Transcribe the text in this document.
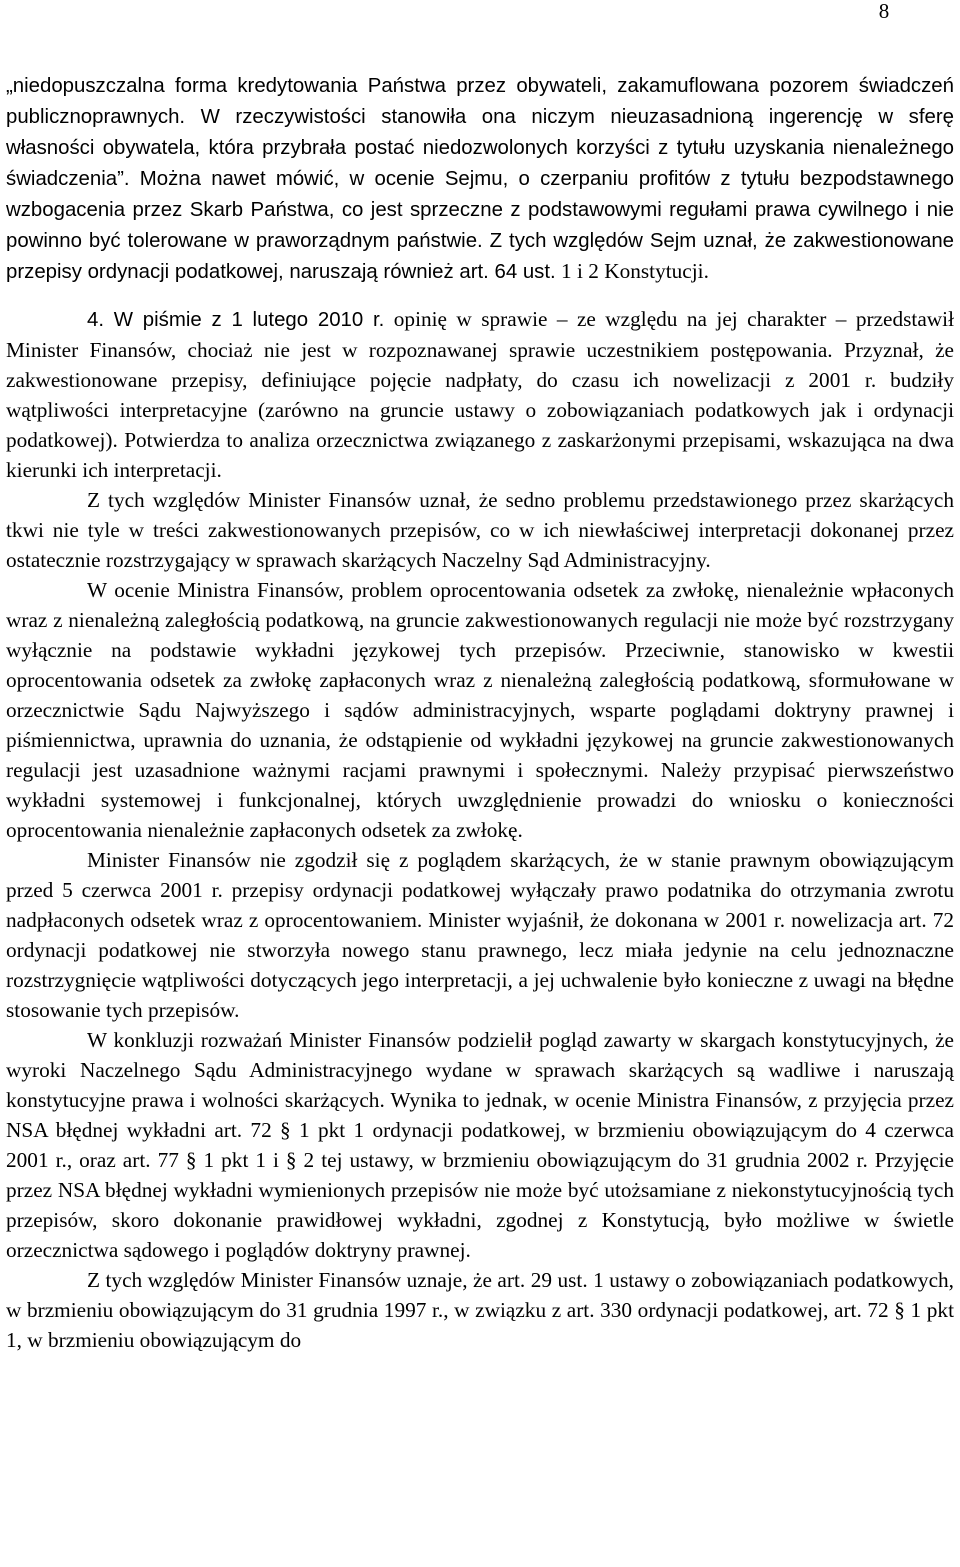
8

„niedopuszczalna forma kredytowania Państwa przez obywateli, zakamuflowana pozorem świadczeń publicznoprawnych. W rzeczywistości stanowiła ona niczym nieuzasadnioną ingerencję w sferę własności obywatela, która przybrała postać niedozwolonych korzyści z tytułu uzyskania nienależnego świadczenia”. Można nawet mówić, w ocenie Sejmu, o czerpaniu profitów z tytułu bezpodstawnego wzbogacenia przez Skarb Państwa, co jest sprzeczne z podstawowymi regułami prawa cywilnego i nie powinno być tolerowane w praworządnym państwie. Z tych względów Sejm uznał, że zakwestionowane przepisy ordynacji podatkowej, naruszają również art. 64 ust. 1 i 2 Konstytucji.

4. W piśmie z 1 lutego 2010 r. opinię w sprawie – ze względu na jej charakter – przedstawił Minister Finansów, chociaż nie jest w rozpoznawanej sprawie uczestnikiem postępowania. Przyznał, że zakwestionowane przepisy, definiujące pojęcie nadpłaty, do czasu ich nowelizacji z 2001 r. budziły wątpliwości interpretacyjne (zarówno na gruncie ustawy o zobowiązaniach podatkowych jak i ordynacji podatkowej). Potwierdza to analiza orzecznictwa związanego z zaskarżonymi przepisami, wskazująca na dwa kierunki ich interpretacji.

Z tych względów Minister Finansów uznał, że sedno problemu przedstawionego przez skarżących tkwi nie tyle w treści zakwestionowanych przepisów, co w ich niewłaściwej interpretacji dokonanej przez ostatecznie rozstrzygający w sprawach skarżących Naczelny Sąd Administracyjny.

W ocenie Ministra Finansów, problem oprocentowania odsetek za zwłokę, nienależnie wpłaconych wraz z nienależną zaległością podatkową, na gruncie zakwestionowanych regulacji nie może być rozstrzygany wyłącznie na podstawie wykładni językowej tych przepisów. Przeciwnie, stanowisko w kwestii oprocentowania odsetek za zwłokę zapłaconych wraz z nienależną zaległością podatkową, sformułowane w orzecznictwie Sądu Najwyższego i sądów administracyjnych, wsparte poglądami doktryny prawnej i piśmiennictwa, uprawnia do uznania, że odstąpienie od wykładni językowej na gruncie zakwestionowanych regulacji jest uzasadnione ważnymi racjami prawnymi i społecznymi. Należy przypisać pierwszeństwo wykładni systemowej i funkcjonalnej, których uwzględnienie prowadzi do wniosku o konieczności oprocentowania nienależnie zapłaconych odsetek za zwłokę.

Minister Finansów nie zgodził się z poglądem skarżących, że w stanie prawnym obowiązującym przed 5 czerwca 2001 r. przepisy ordynacji podatkowej wyłączały prawo podatnika do otrzymania zwrotu nadpłaconych odsetek wraz z oprocentowaniem. Minister wyjaśnił, że dokonana w 2001 r. nowelizacja art. 72 ordynacji podatkowej nie stworzyła nowego stanu prawnego, lecz miała jedynie na celu jednoznaczne rozstrzygnięcie wątpliwości dotyczących jego interpretacji, a jej uchwalenie było konieczne z uwagi na błędne stosowanie tych przepisów.

W konkluzji rozważań Minister Finansów podzielił pogląd zawarty w skargach konstytucyjnych, że wyroki Naczelnego Sądu Administracyjnego wydane w sprawach skarżących są wadliwe i naruszają konstytucyjne prawa i wolności skarżących. Wynika to jednak, w ocenie Ministra Finansów, z przyjęcia przez NSA błędnej wykładni art. 72 § 1 pkt 1 ordynacji podatkowej, w brzmieniu obowiązującym do 4 czerwca 2001 r., oraz art. 77 § 1 pkt 1 i § 2 tej ustawy, w brzmieniu obowiązującym do 31 grudnia 2002 r. Przyjęcie przez NSA błędnej wykładni wymienionych przepisów nie może być utożsamiane z niekonstytucyjnością tych przepisów, skoro dokonanie prawidłowej wykładni, zgodnej z Konstytucją, było możliwe w świetle orzecznictwa sądowego i poglądów doktryny prawnej.

Z tych względów Minister Finansów uznaje, że art. 29 ust. 1 ustawy o zobowiązaniach podatkowych, w brzmieniu obowiązującym do 31 grudnia 1997 r., w związku z art. 330 ordynacji podatkowej, art. 72 § 1 pkt 1, w brzmieniu obowiązującym do
